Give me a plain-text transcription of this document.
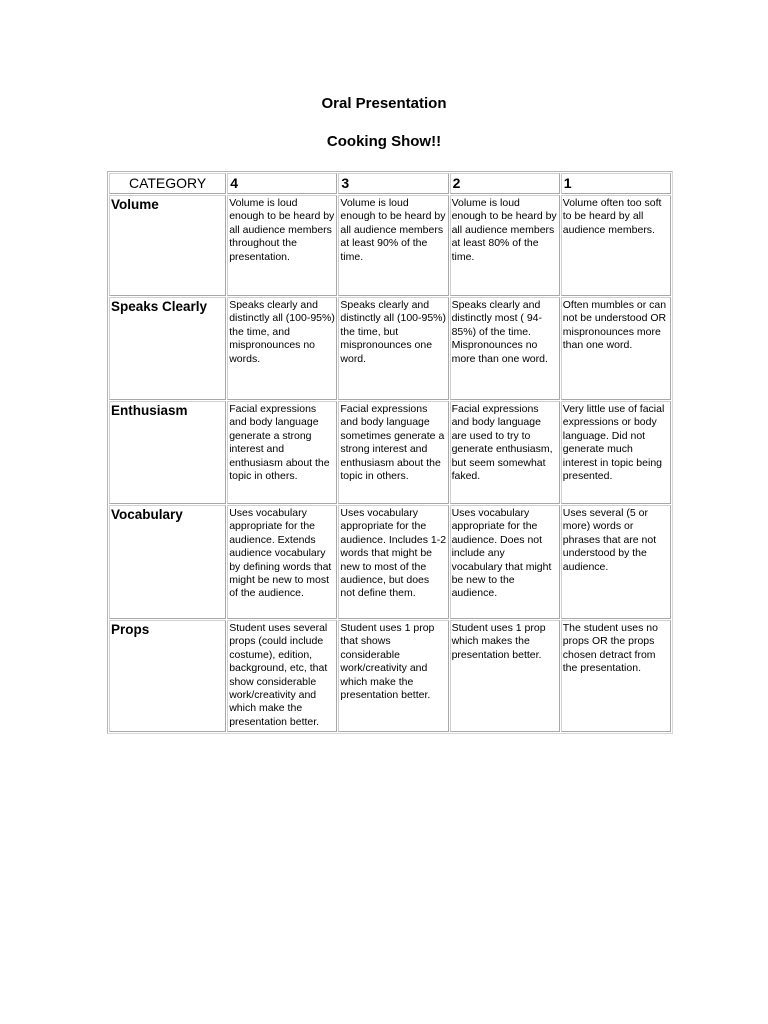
Oral Presentation
Cooking Show!!
CATEGORY	4	3	2	1
Volume	Volume is loud enough to be heard by all audience members throughout the presentation.	Volume is loud enough to be heard by all audience members at least 90% of the time.	Volume is loud enough to be heard by all audience members at least 80% of the time.	Volume often too soft to be heard by all audience members.
Speaks Clearly	Speaks clearly and distinctly all (100-95%) the time, and mispronounces no words.	Speaks clearly and distinctly all (100-95%) the time, but mispronounces one word.	Speaks clearly and distinctly most ( 94-85%) of the time. Mispronounces no more than one word.	Often mumbles or can not be understood OR mispronounces more than one word.
Enthusiasm	Facial expressions and body language generate a strong interest and enthusiasm about the topic in others.	Facial expressions and body language sometimes generate a strong interest and enthusiasm about the topic in others.	Facial expressions and body language are used to try to generate enthusiasm, but seem somewhat faked.	Very little use of facial expressions or body language. Did not generate much interest in topic being presented.
Vocabulary	Uses vocabulary appropriate for the audience. Extends audience vocabulary by defining words that might be new to most of the audience.	Uses vocabulary appropriate for the audience. Includes 1-2 words that might be new to most of the audience, but does not define them.	Uses vocabulary appropriate for the audience. Does not include any vocabulary that might be new to the audience.	Uses several (5 or more) words or phrases that are not understood by the audience.
Props	Student uses several props (could include costume), edition, background, etc, that show considerable work/creativity and which make the presentation better.	Student uses 1 prop that shows considerable work/creativity and which make the presentation better.	Student uses 1 prop which makes the presentation better.	The student uses no props OR the props chosen detract from the presentation.
